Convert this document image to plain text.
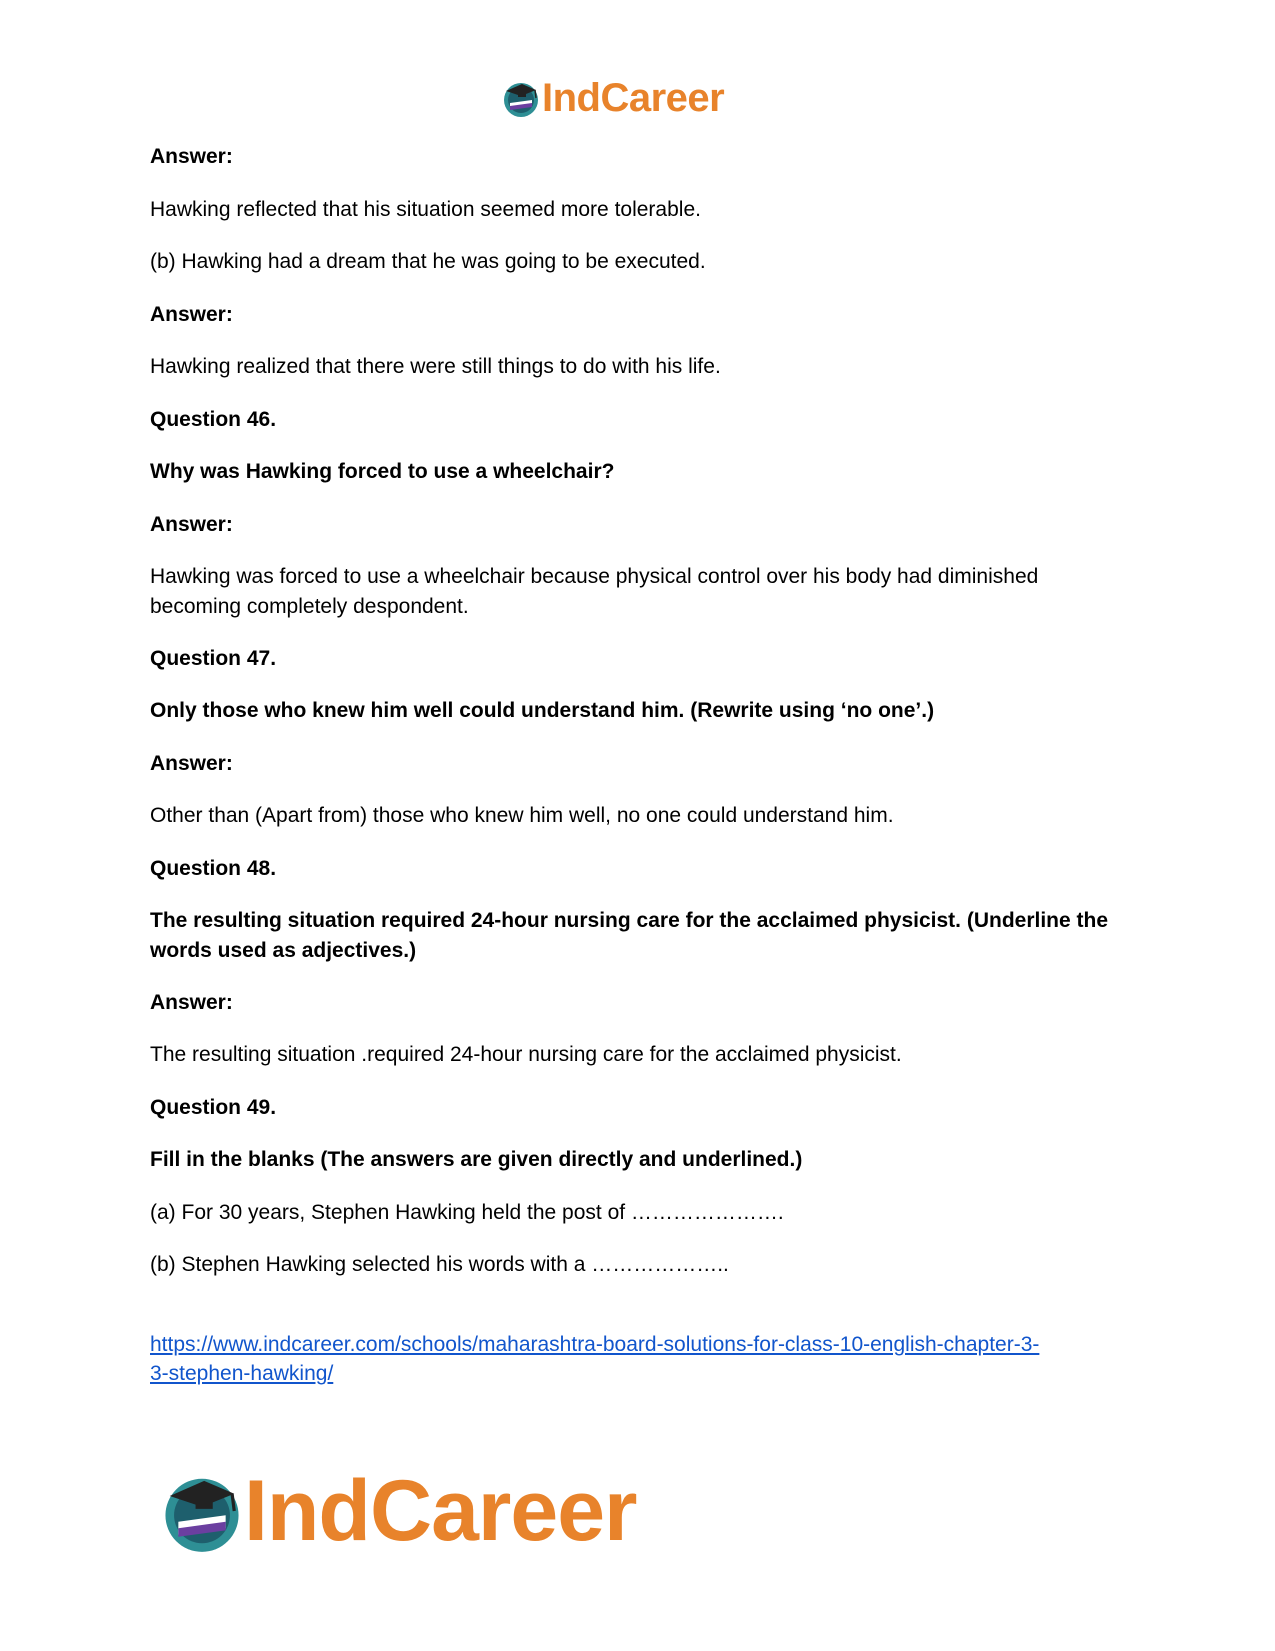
IndCareer
Answer:
Hawking reflected that his situation seemed more tolerable.
(b) Hawking had a dream that he was going to be executed.
Answer:
Hawking realized that there were still things to do with his life.
Question 46.
Why was Hawking forced to use a wheelchair?
Answer:
Hawking was forced to use a wheelchair because physical control over his body had diminished becoming completely despondent.
Question 47.
Only those who knew him well could understand him. (Rewrite using ‘no one’.)
Answer:
Other than (Apart from) those who knew him well, no one could understand him.
Question 48.
The resulting situation required 24-hour nursing care for the acclaimed physicist. (Underline the words used as adjectives.)
Answer:
The resulting situation .required 24-hour nursing care for the acclaimed physicist.
Question 49.
Fill in the blanks (The answers are given directly and underlined.)
(a) For 30 years, Stephen Hawking held the post of ………………….
(b) Stephen Hawking selected his words with a ………………..
https://www.indcareer.com/schools/maharashtra-board-solutions-for-class-10-english-chapter-3-
3-stephen-hawking/
IndCareer
